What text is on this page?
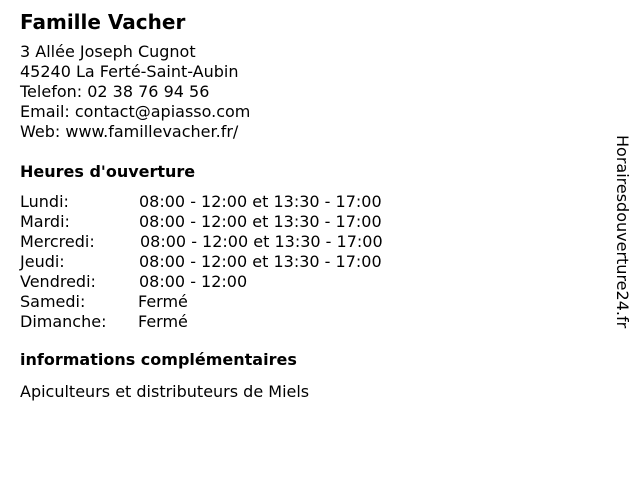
Famille Vacher
3 Allée Joseph Cugnot
45240 La Ferté-Saint-Aubin
Telefon: 02 38 76 94 56
Email: contact@apiasso.com
Web: www.famillevacher.fr/
Heures d'ouverture
Lundi:	08:00 - 12:00 et 13:30 - 17:00
Mardi:	08:00 - 12:00 et 13:30 - 17:00
Mercredi:	08:00 - 12:00 et 13:30 - 17:00
Jeudi:	08:00 - 12:00 et 13:30 - 17:00
Vendredi:	08:00 - 12:00
Samedi:	Fermé
Dimanche: Fermé
informations complémentaires
Apiculteurs et distributeurs de Miels
Horairesdouverture24.fr
